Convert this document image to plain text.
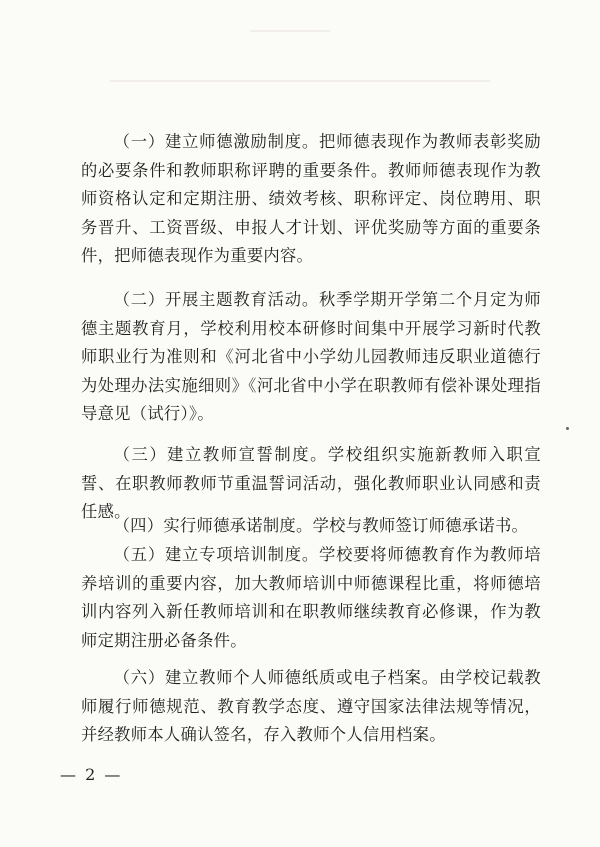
（一）建立师德激励制度。把师德表现作为教师表彰奖励的必要条件和教师职称评聘的重要条件。教师师德表现作为教师资格认定和定期注册、绩效考核、职称评定、岗位聘用、职务晋升、工资晋级、申报人才计划、评优奖励等方面的重要条件，把师德表现作为重要内容。

（二）开展主题教育活动。秋季学期开学第二个月定为师德主题教育月，学校利用校本研修时间集中开展学习新时代教师职业行为准则和《河北省中小学幼儿园教师违反职业道德行为处理办法实施细则》《河北省中小学在职教师有偿补课处理指导意见（试行）》。

（三）建立教师宣誓制度。学校组织实施新教师入职宣誓、在职教师教师节重温誓词活动，强化教师职业认同感和责任感。

（四）实行师德承诺制度。学校与教师签订师德承诺书。

（五）建立专项培训制度。学校要将师德教育作为教师培养培训的重要内容，加大教师培训中师德课程比重，将师德培训内容列入新任教师培训和在职教师继续教育必修课，作为教师定期注册必备条件。

（六）建立教师个人师德纸质或电子档案。由学校记载教师履行师德规范、教育教学态度、遵守国家法律法规等情况，并经教师本人确认签名，存入教师个人信用档案。

— 2 —
